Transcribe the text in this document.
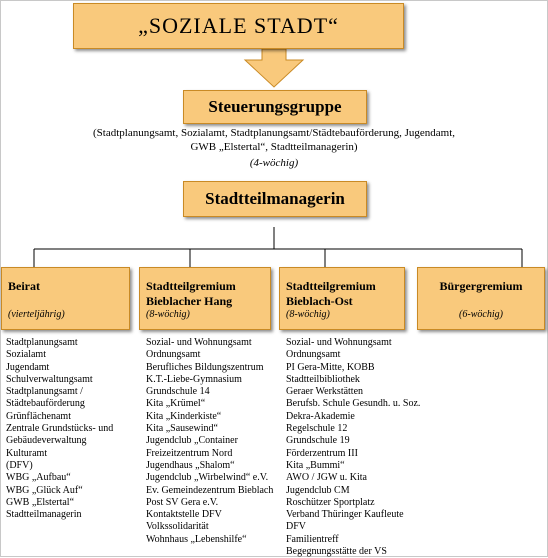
„SOZIALE STADT“
Steuerungsgruppe
(Stadtplanungsamt, Sozialamt, Stadtplanungsamt/Städtebauförderung, Jugendamt,
GWB „Elstertal“, Stadtteilmanagerin)
(4-wöchig)
Stadtteilmanagerin
Beirat
(vierteljährig)
Stadtteilgremium
Bieblacher Hang
(8-wöchig)
Stadtteilgremium
Bieblach-Ost
(8-wöchig)
Bürgergremium
(6-wöchig)
Stadtplanungsamt
Sozialamt
Jugendamt
Schulverwaltungsamt
Stadtplanungsamt /
Städtebauförderung
Grünflächenamt
Zentrale Grundstücks- und
Gebäudeverwaltung
Kulturamt
(DFV)
WBG „Aufbau“
WBG „Glück Auf“
GWB „Elstertal“
Stadtteilmanagerin
Sozial- und Wohnungsamt
Ordnungsamt
Berufliches Bildungszentrum
K.T.-Liebe-Gymnasium
Grundschule 14
Kita „Krümel“
Kita „Kinderkiste“
Kita „Sausewind“
Jugendclub „Container
Freizeitzentrum Nord
Jugendhaus „Shalom“
Jugendclub „Wirbelwind“ e.V.
Ev. Gemeindezentrum Bieblach
Post SV Gera e.V.
Kontaktstelle DFV
Volkssolidarität
Wohnhaus „Lebenshilfe“
Sozial- und Wohnungsamt
Ordnungsamt
PI Gera-Mitte, KOBB
Stadtteilbibliothek
Geraer Werkstätten
Berufsb. Schule Gesundh. u. Soz.
Dekra-Akademie
Regelschule 12
Grundschule 19
Förderzentrum III
Kita „Bummi“
AWO / JGW u. Kita
Jugendclub CM
Roschützer Sportplatz
Verband Thüringer Kaufleute
DFV
Familientreff
Begegnungsstätte der VS
